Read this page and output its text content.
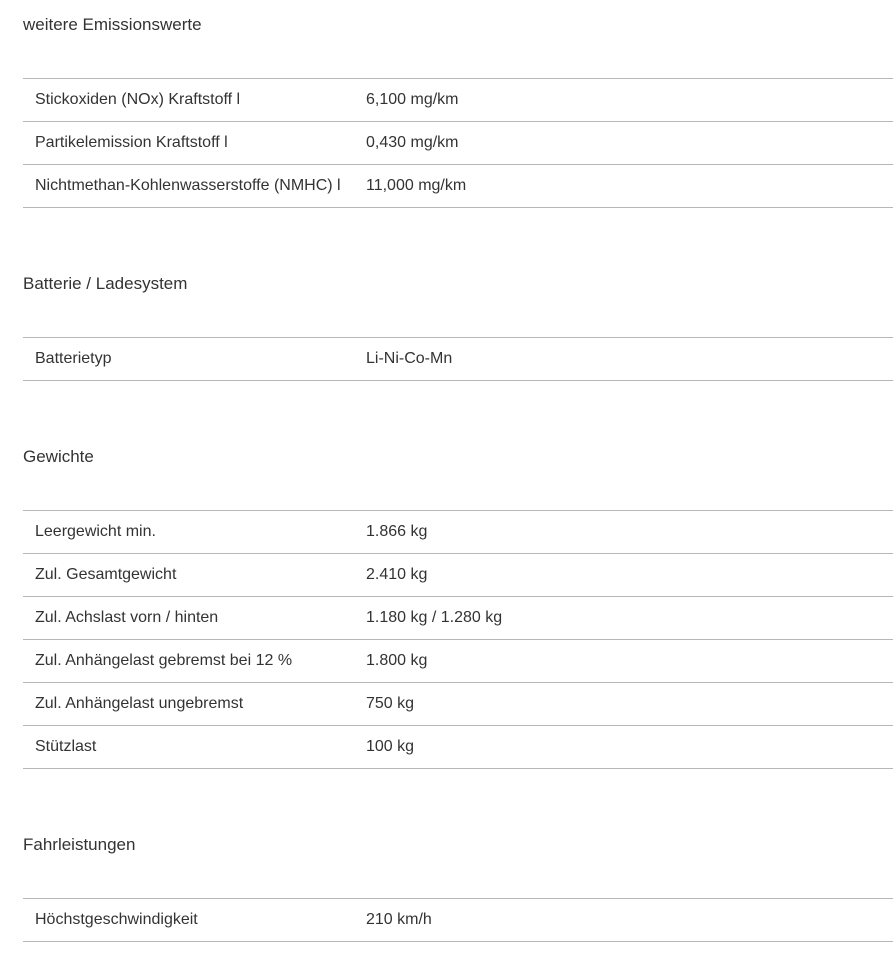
weitere Emissionswerte
Stickoxiden (NOx) Kraftstoff l	6,100 mg/km
Partikelemission Kraftstoff l	0,430 mg/km
Nichtmethan-Kohlenwasserstoffe (NMHC) l	11,000 mg/km
Batterie / Ladesystem
Batterietyp	Li-Ni-Co-Mn
Gewichte
Leergewicht min.	1.866 kg
Zul. Gesamtgewicht	2.410 kg
Zul. Achslast vorn / hinten	1.180 kg / 1.280 kg
Zul. Anhängelast gebremst bei 12 %	1.800 kg
Zul. Anhängelast ungebremst	750 kg
Stützlast	100 kg
Fahrleistungen
Höchstgeschwindigkeit	210 km/h
